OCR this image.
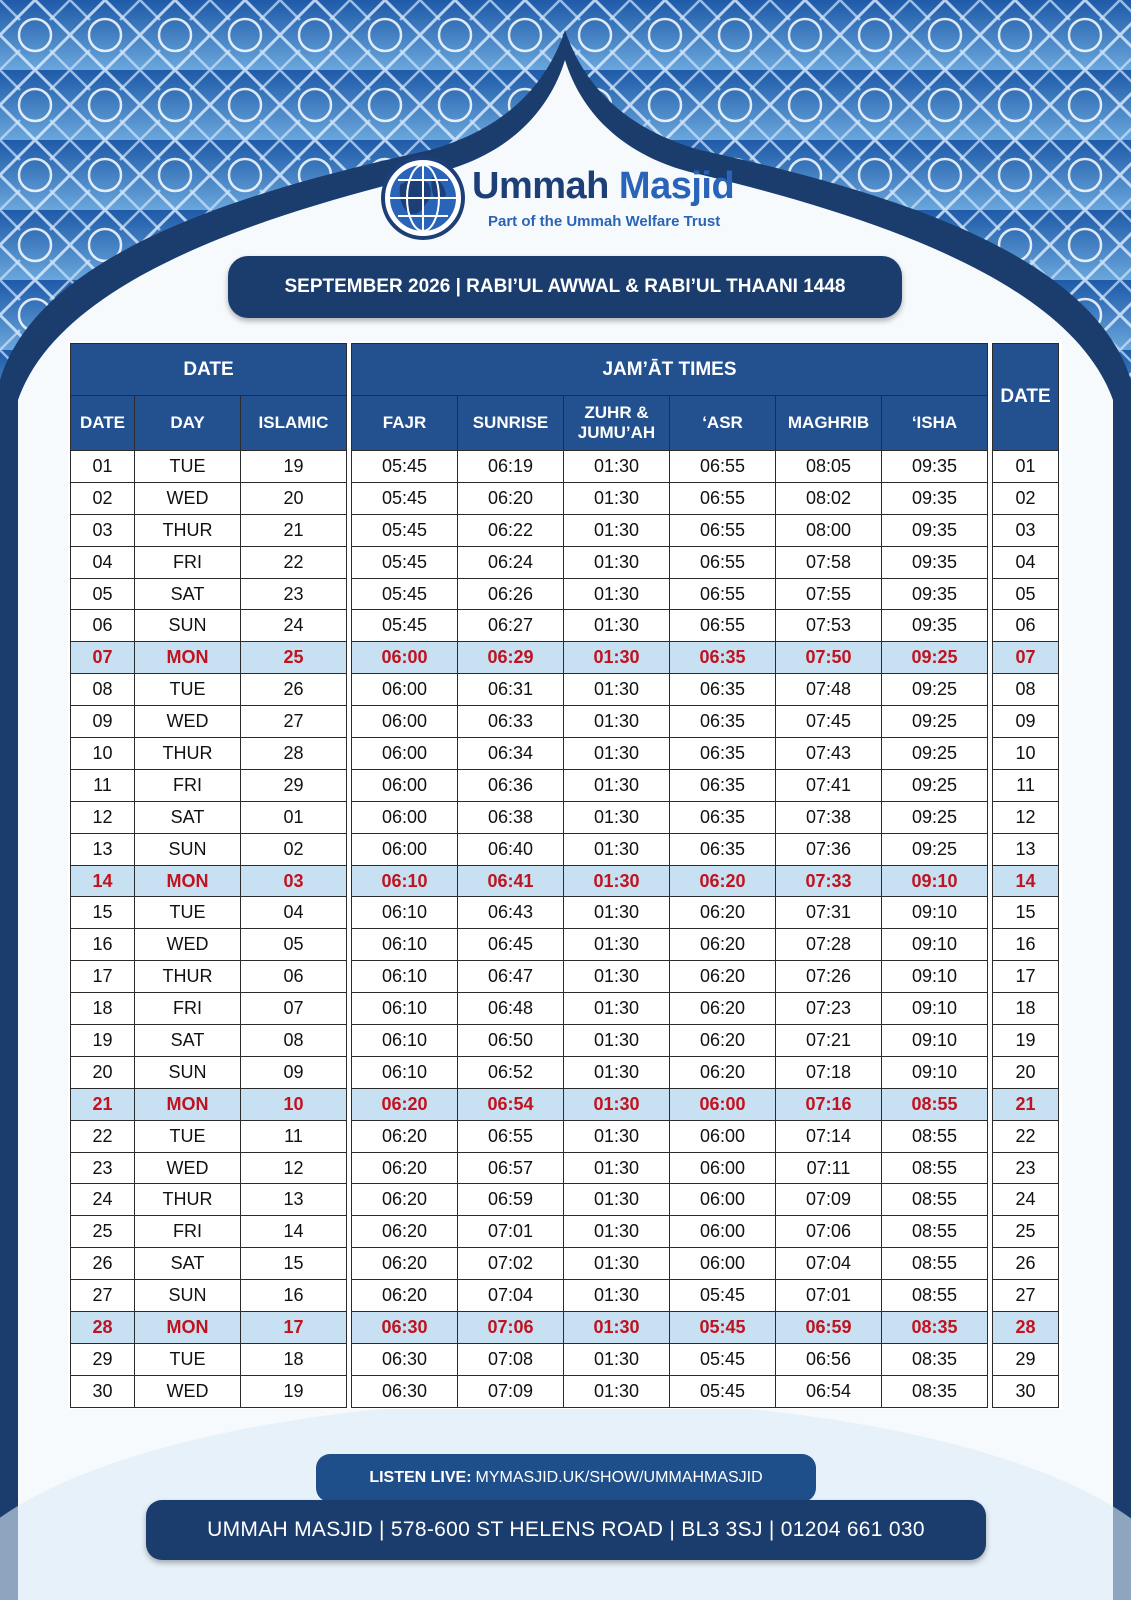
Ummah Masjid
Part of the Ummah Welfare Trust
SEPTEMBER 2026 | RABI’UL AWWAL & RABI’UL THAANI 1448
DATE				JAM’ĀT TIMES							DATE
DATE	DAY	ISLAMIC		FAJR	SUNRISE	ZUHR & JUMU’AH	‘ASR	MAGHRIB	‘ISHA		
01	TUE	19		05:45	06:19	01:30	06:55	08:05	09:35		01
02	WED	20		05:45	06:20	01:30	06:55	08:02	09:35		02
03	THUR	21		05:45	06:22	01:30	06:55	08:00	09:35		03
04	FRI	22		05:45	06:24	01:30	06:55	07:58	09:35		04
05	SAT	23		05:45	06:26	01:30	06:55	07:55	09:35		05
06	SUN	24		05:45	06:27	01:30	06:55	07:53	09:35		06
07	MON	25		06:00	06:29	01:30	06:35	07:50	09:25		07
08	TUE	26		06:00	06:31	01:30	06:35	07:48	09:25		08
09	WED	27		06:00	06:33	01:30	06:35	07:45	09:25		09
10	THUR	28		06:00	06:34	01:30	06:35	07:43	09:25		10
11	FRI	29		06:00	06:36	01:30	06:35	07:41	09:25		11
12	SAT	01		06:00	06:38	01:30	06:35	07:38	09:25		12
13	SUN	02		06:00	06:40	01:30	06:35	07:36	09:25		13
14	MON	03		06:10	06:41	01:30	06:20	07:33	09:10		14
15	TUE	04		06:10	06:43	01:30	06:20	07:31	09:10		15
16	WED	05		06:10	06:45	01:30	06:20	07:28	09:10		16
17	THUR	06		06:10	06:47	01:30	06:20	07:26	09:10		17
18	FRI	07		06:10	06:48	01:30	06:20	07:23	09:10		18
19	SAT	08		06:10	06:50	01:30	06:20	07:21	09:10		19
20	SUN	09		06:10	06:52	01:30	06:20	07:18	09:10		20
21	MON	10		06:20	06:54	01:30	06:00	07:16	08:55		21
22	TUE	11		06:20	06:55	01:30	06:00	07:14	08:55		22
23	WED	12		06:20	06:57	01:30	06:00	07:11	08:55		23
24	THUR	13		06:20	06:59	01:30	06:00	07:09	08:55		24
25	FRI	14		06:20	07:01	01:30	06:00	07:06	08:55		25
26	SAT	15		06:20	07:02	01:30	06:00	07:04	08:55		26
27	SUN	16		06:20	07:04	01:30	05:45	07:01	08:55		27
28	MON	17		06:30	07:06	01:30	05:45	06:59	08:35		28
29	TUE	18		06:30	07:08	01:30	05:45	06:56	08:35		29
30	WED	19		06:30	07:09	01:30	05:45	06:54	08:35		30
LISTEN LIVE: MYMASJID.UK/SHOW/UMMAHMASJID
UMMAH MASJID | 578-600 ST HELENS ROAD | BL3 3SJ | 01204 661 030
